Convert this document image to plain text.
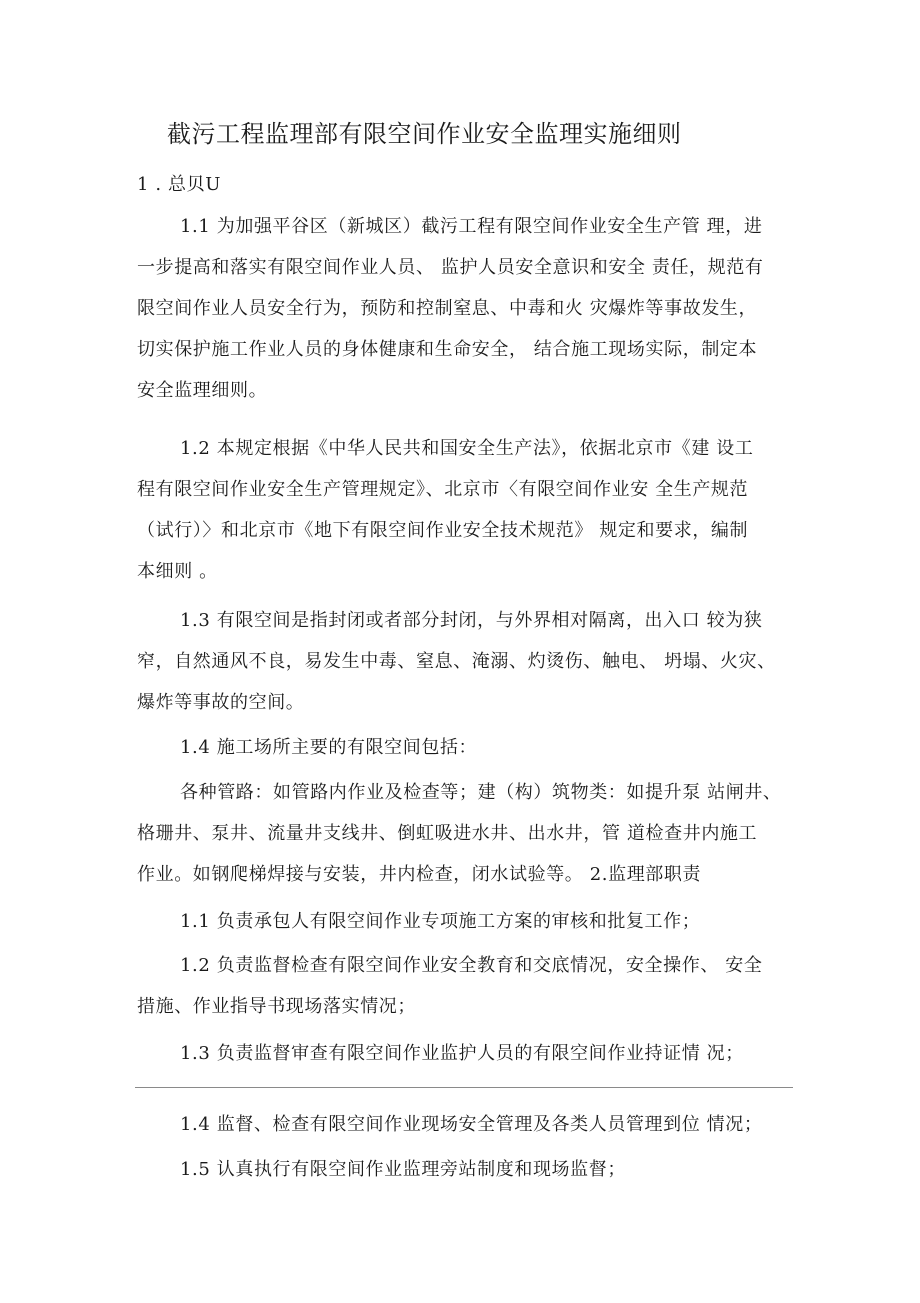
截污工程监理部有限空间作业安全监理实施细则
1 . 总贝U
1.1 为加强平谷区（新城区）截污工程有限空间作业安全生产管 理，进
一步提高和落实有限空间作业人员、 监护人员安全意识和安全 责任，规范有
限空间作业人员安全行为，预防和控制窒息、中毒和火 灾爆炸等事故发生，
切实保护施工作业人员的身体健康和生命安全， 结合施工现场实际，制定本
安全监理细则。
1.2 本规定根据《中华人民共和国安全生产法》，依据北京市《建 设工
程有限空间作业安全生产管理规定》、北京市〈有限空间作业安 全生产规范
（试行）〉和北京市《地下有限空间作业安全技术规范》 规定和要求，编制
本细则 。
1.3 有限空间是指封闭或者部分封闭，与外界相对隔离，出入口 较为狭
窄，自然通风不良，易发生中毒、窒息、淹溺、灼烫伤、触电、 坍塌、火灾、
爆炸等事故的空间。
1.4 施工场所主要的有限空间包括：
各种管路：如管路内作业及检查等；建（构）筑物类：如提升泵 站闸井、
格珊井、泵井、流量井支线井、倒虹吸进水井、出水井，管 道检查井内施工
作业。如钢爬梯焊接与安装，井内检查，闭水试验等。 2.监理部职责
1.1 负责承包人有限空间作业专项施工方案的审核和批复工作；
1.2 负责监督检查有限空间作业安全教育和交底情况，安全操作、 安全
措施、作业指导书现场落实情况；
1.3 负责监督审查有限空间作业监护人员的有限空间作业持证情 况；
1.4 监督、检查有限空间作业现场安全管理及各类人员管理到位 情况；
1.5 认真执行有限空间作业监理旁站制度和现场监督；
